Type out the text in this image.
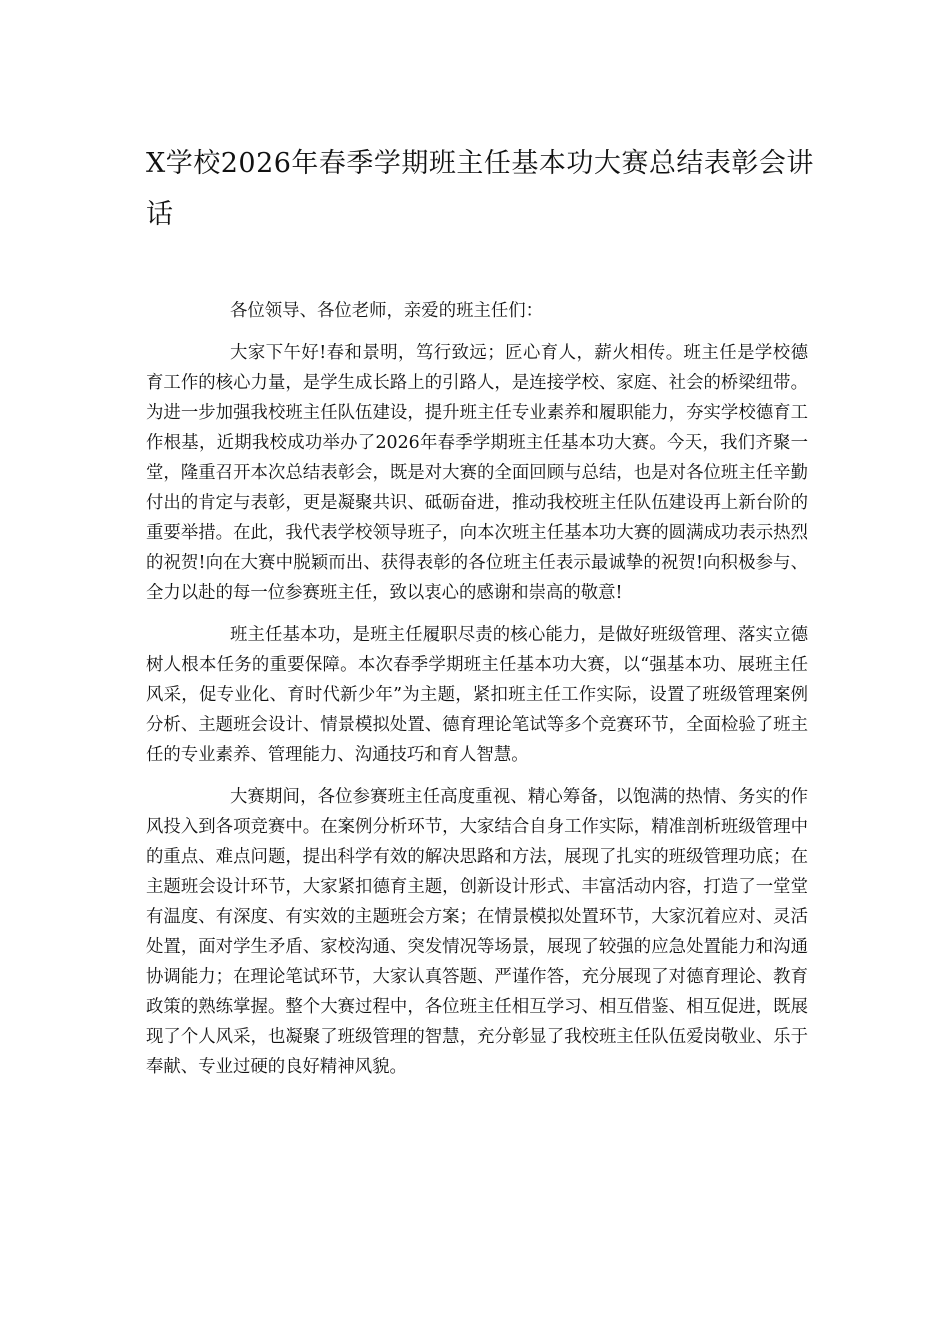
X学校2026年春季学期班主任基本功大赛总结表彰会讲话

各位领导、各位老师，亲爱的班主任们：

大家下午好!春和景明，笃行致远；匠心育人，薪火相传。班主任是学校德育工作的核心力量，是学生成长路上的引路人，是连接学校、家庭、社会的桥梁纽带。为进一步加强我校班主任队伍建设，提升班主任专业素养和履职能力，夯实学校德育工作根基，近期我校成功举办了2026年春季学期班主任基本功大赛。今天，我们齐聚一堂，隆重召开本次总结表彰会，既是对大赛的全面回顾与总结，也是对各位班主任辛勤付出的肯定与表彰，更是凝聚共识、砥砺奋进，推动我校班主任队伍建设再上新台阶的重要举措。在此，我代表学校领导班子，向本次班主任基本功大赛的圆满成功表示热烈的祝贺!向在大赛中脱颖而出、获得表彰的各位班主任表示最诚挚的祝贺!向积极参与、全力以赴的每一位参赛班主任，致以衷心的感谢和崇高的敬意!

班主任基本功，是班主任履职尽责的核心能力，是做好班级管理、落实立德树人根本任务的重要保障。本次春季学期班主任基本功大赛，以“强基本功、展班主任风采，促专业化、育时代新少年”为主题，紧扣班主任工作实际，设置了班级管理案例分析、主题班会设计、情景模拟处置、德育理论笔试等多个竞赛环节，全面检验了班主任的专业素养、管理能力、沟通技巧和育人智慧。

大赛期间，各位参赛班主任高度重视、精心筹备，以饱满的热情、务实的作风投入到各项竞赛中。在案例分析环节，大家结合自身工作实际，精准剖析班级管理中的重点、难点问题，提出科学有效的解决思路和方法，展现了扎实的班级管理功底；在主题班会设计环节，大家紧扣德育主题，创新设计形式、丰富活动内容，打造了一堂堂有温度、有深度、有实效的主题班会方案；在情景模拟处置环节，大家沉着应对、灵活处置，面对学生矛盾、家校沟通、突发情况等场景，展现了较强的应急处置能力和沟通协调能力；在理论笔试环节，大家认真答题、严谨作答，充分展现了对德育理论、教育政策的熟练掌握。整个大赛过程中，各位班主任相互学习、相互借鉴、相互促进，既展现了个人风采，也凝聚了班级管理的智慧，充分彰显了我校班主任队伍爱岗敬业、乐于奉献、专业过硬的良好精神风貌。
